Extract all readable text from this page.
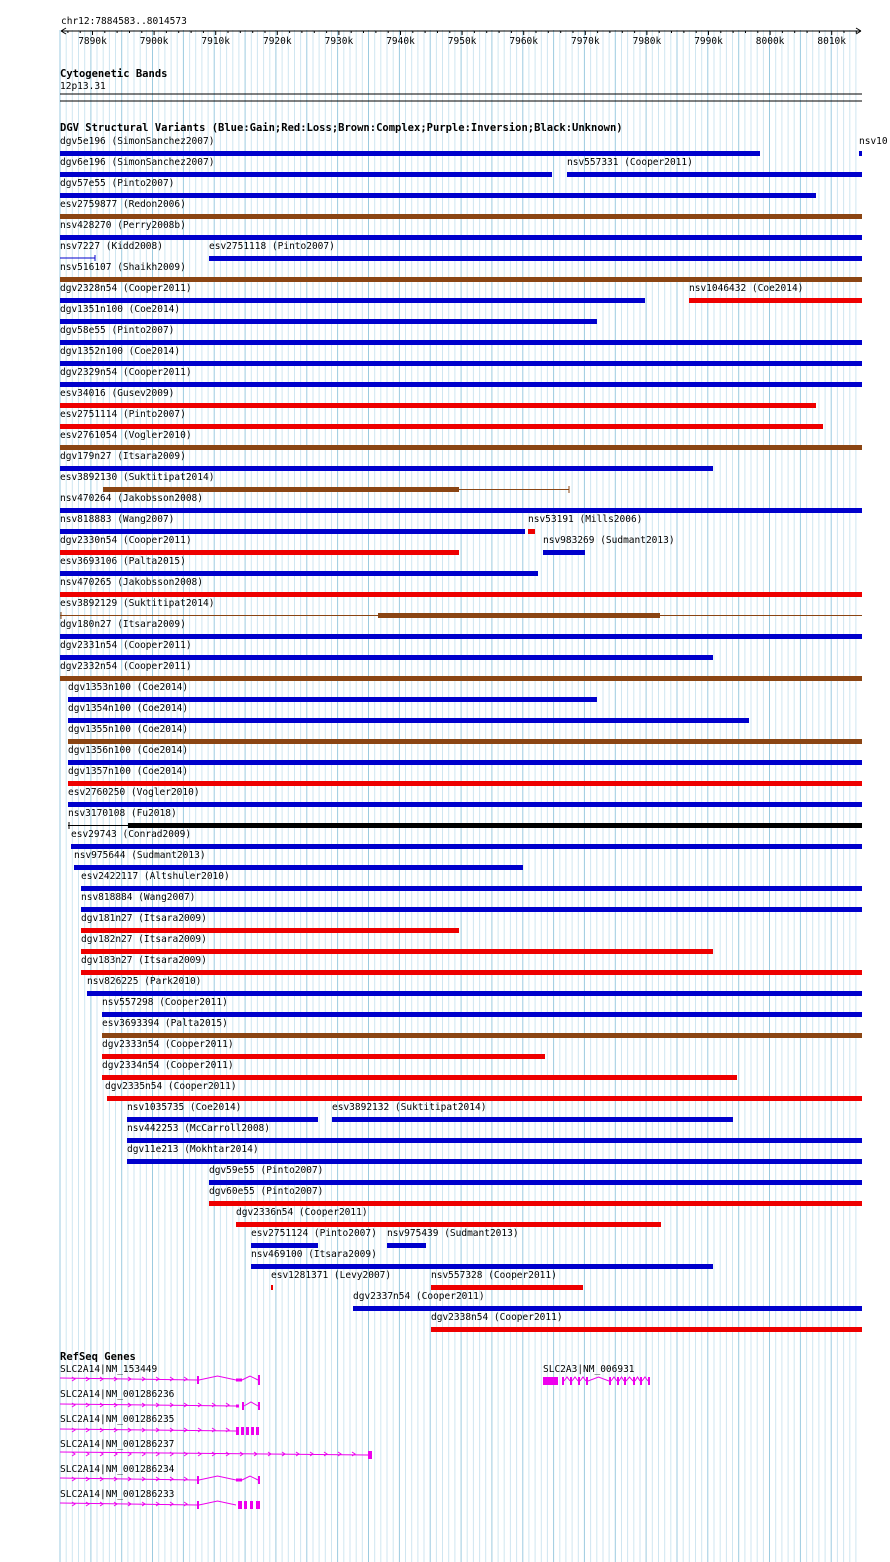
chr12:7884583..8014573
7890k	7900k	7910k	7920k	7930k	7940k	7950k	7960k	7970k	7980k	7990k	8000k	8010k
Cytogenetic Bands
12p13.31
DGV Structural Variants (Blue:Gain;Red:Loss;Brown:Complex;Purple:Inversion;Black:Unknown)
dgv5e196 (SimonSanchez2007)	nsv10
dgv6e196 (SimonSanchez2007)	nsv557331 (Cooper2011)
dgv57e55 (Pinto2007)
esv2759877 (Redon2006)
nsv428270 (Perry2008b)
nsv7227 (Kidd2008)	esv2751118 (Pinto2007)
nsv516107 (Shaikh2009)
dgv2328n54 (Cooper2011)	nsv1046432 (Coe2014)
dgv1351n100 (Coe2014)
dgv58e55 (Pinto2007)
dgv1352n100 (Coe2014)
dgv2329n54 (Cooper2011)
esv34016 (Gusev2009)
esv2751114 (Pinto2007)
esv2761054 (Vogler2010)
dgv179n27 (Itsara2009)
esv3892130 (Suktitipat2014)
nsv470264 (Jakobsson2008)
nsv818883 (Wang2007)	nsv53191 (Mills2006)
dgv2330n54 (Cooper2011)	nsv983269 (Sudmant2013)
esv3693106 (Palta2015)
nsv470265 (Jakobsson2008)
esv3892129 (Suktitipat2014)
dgv180n27 (Itsara2009)
dgv2331n54 (Cooper2011)
dgv2332n54 (Cooper2011)
dgv1353n100 (Coe2014)
dgv1354n100 (Coe2014)
dgv1355n100 (Coe2014)
dgv1356n100 (Coe2014)
dgv1357n100 (Coe2014)
esv2760250 (Vogler2010)
nsv3170108 (Fu2018)
esv29743 (Conrad2009)
nsv975644 (Sudmant2013)
esv2422117 (Altshuler2010)
nsv818884 (Wang2007)
dgv181n27 (Itsara2009)
dgv182n27 (Itsara2009)
dgv183n27 (Itsara2009)
nsv826225 (Park2010)
nsv557298 (Cooper2011)
esv3693394 (Palta2015)
dgv2333n54 (Cooper2011)
dgv2334n54 (Cooper2011)
dgv2335n54 (Cooper2011)
nsv1035735 (Coe2014)	esv3892132 (Suktitipat2014)
nsv442253 (McCarroll2008)
dgv11e213 (Mokhtar2014)
dgv59e55 (Pinto2007)
dgv60e55 (Pinto2007)
dgv2336n54 (Cooper2011)
esv2751124 (Pinto2007) nsv975439 (Sudmant2013)
nsv469100 (Itsara2009)
esv1281371 (Levy2007)	nsv557328 (Cooper2011)
dgv2337n54 (Cooper2011)
dgv2338n54 (Cooper2011)
RefSeq Genes
SLC2A14|NM_153449	SLC2A3|NM_006931
SLC2A14|NM_001286236
SLC2A14|NM_001286235
SLC2A14|NM_001286237
SLC2A14|NM_001286234
SLC2A14|NM_001286233
